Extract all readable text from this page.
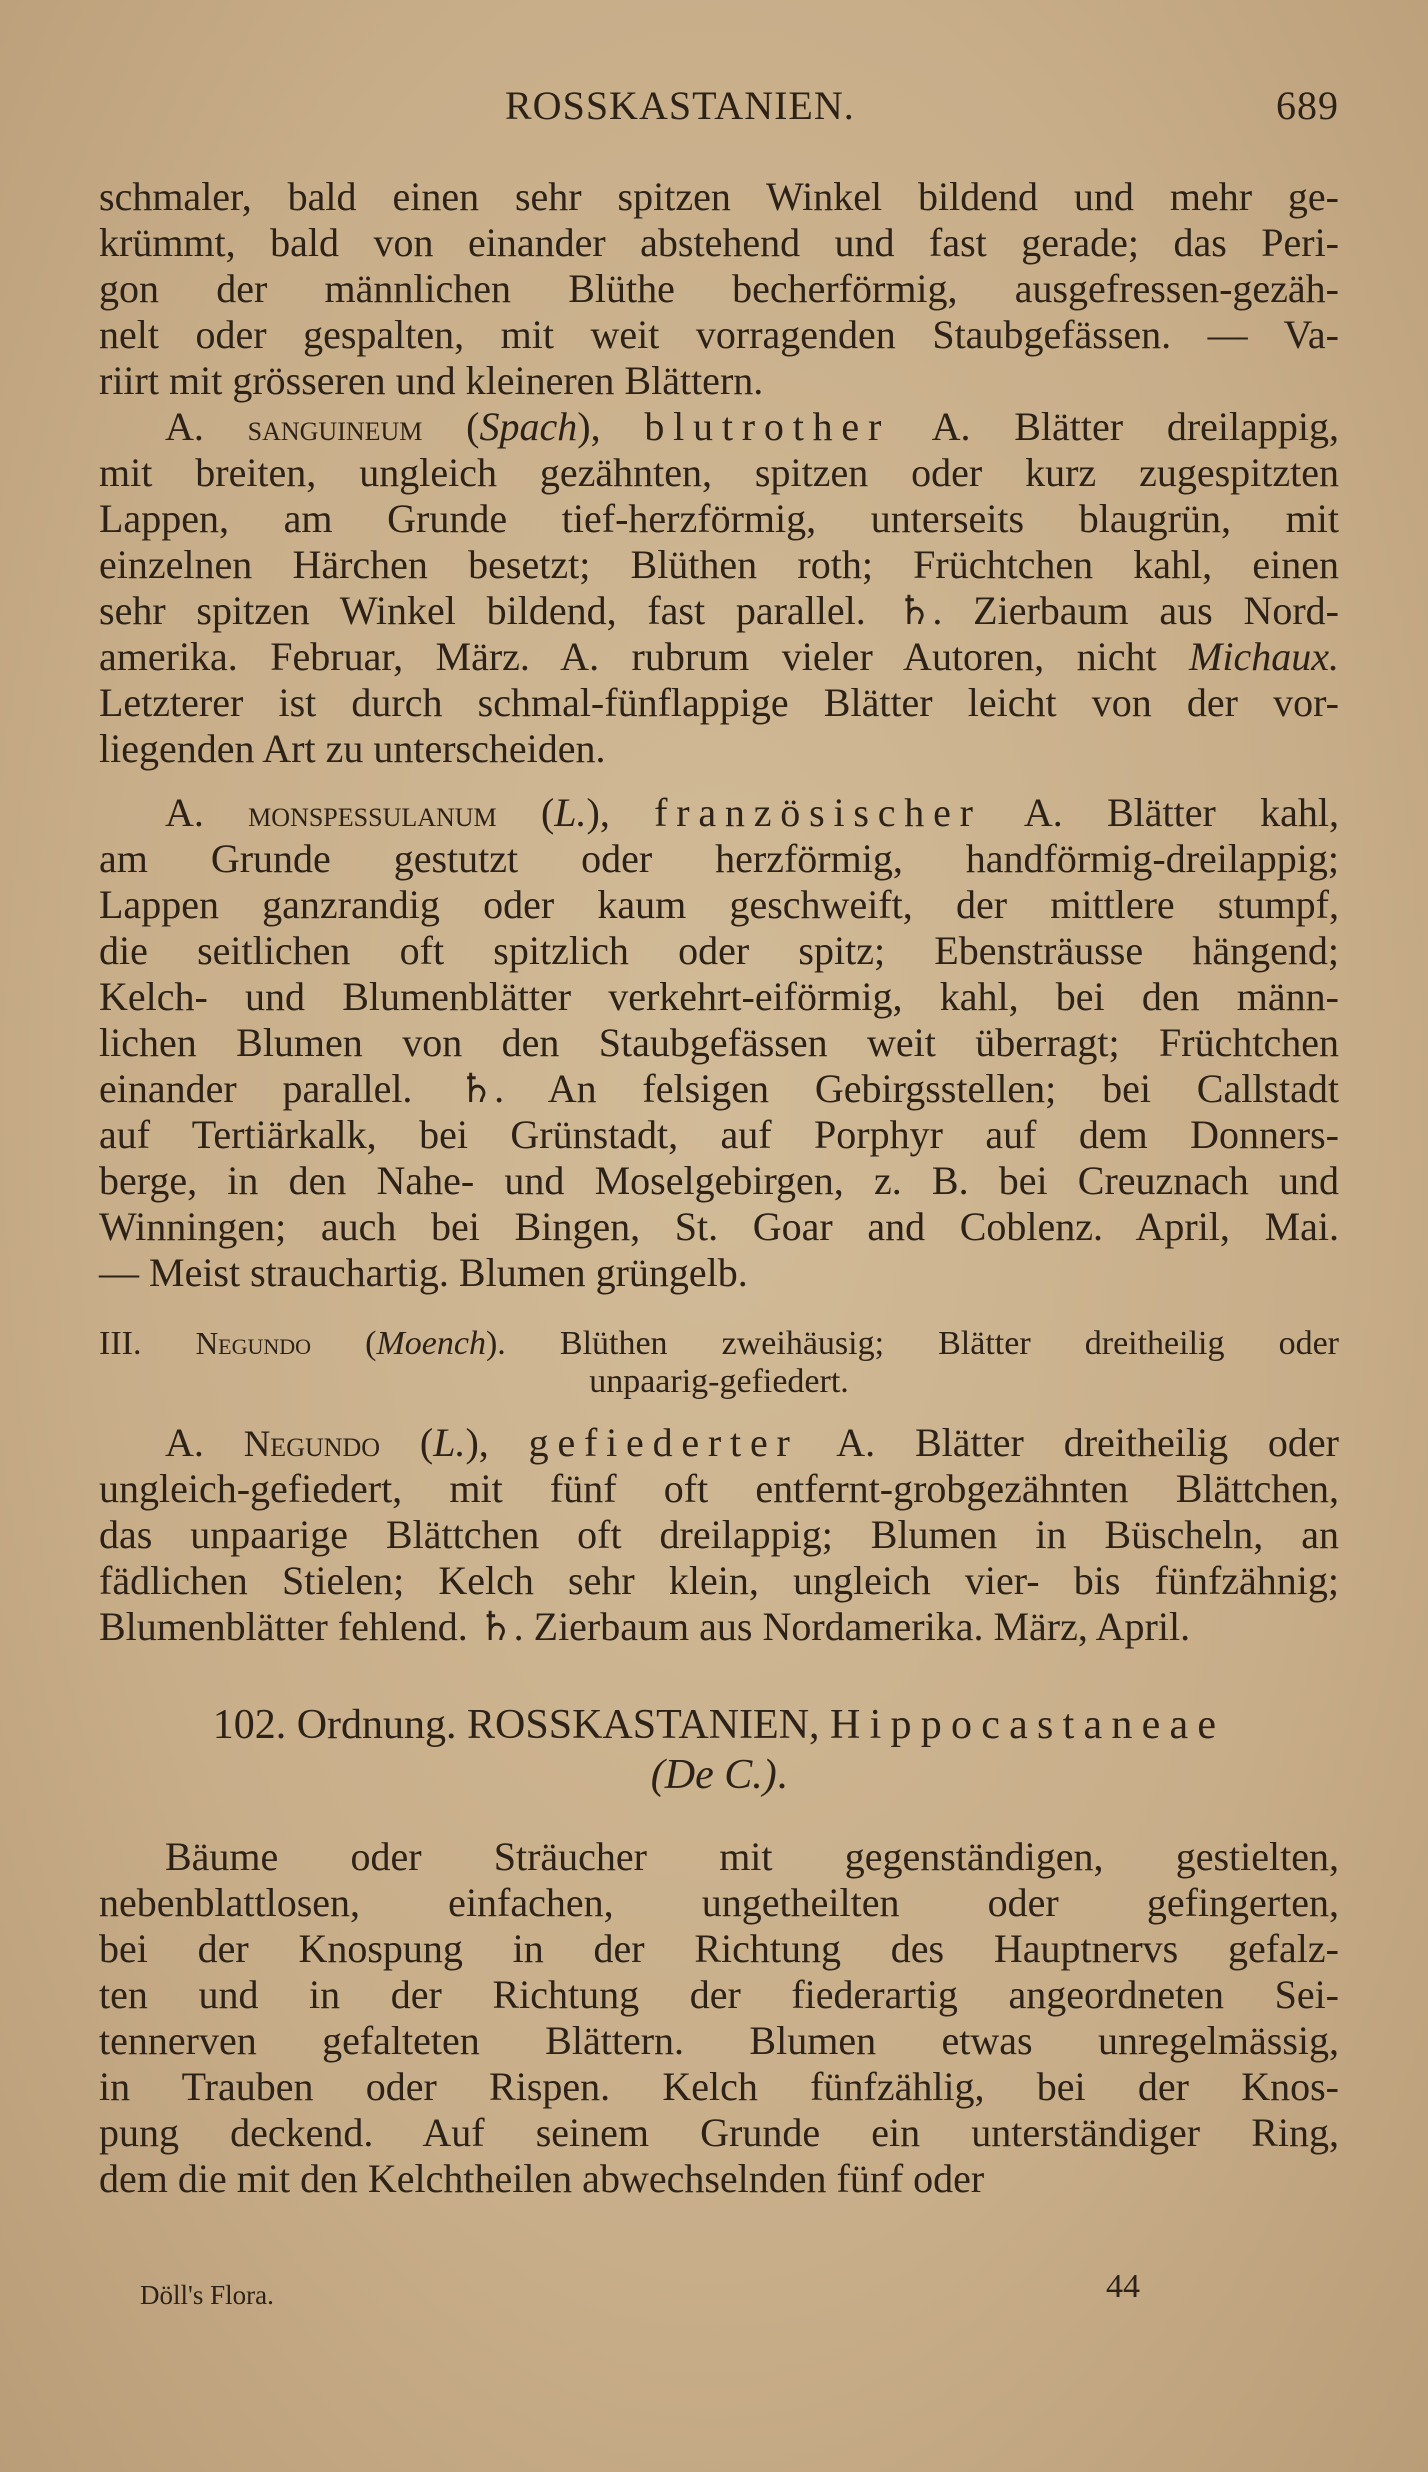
ROSSKASTANIEN.	689
schmaler, bald einen sehr spitzen Winkel bildend und mehr ge-
krümmt, bald von einander abstehend und fast gerade; das Peri-
gon der männlichen Blüthe becherförmig, ausgefressen-gezäh-
nelt oder gespalten, mit weit vorragenden Staubgefässen. — Va-
riirt mit grösseren und kleineren Blättern.
A. sanguineum (Spach), blutrother A. Blätter dreilappig,
mit breiten, ungleich gezähnten, spitzen oder kurz zugespitzten
Lappen, am Grunde tief-herzförmig, unterseits blaugrün, mit
einzelnen Härchen besetzt; Blüthen roth; Früchtchen kahl, einen
sehr spitzen Winkel bildend, fast parallel. ♄. Zierbaum aus Nord-
amerika. Februar, März. A. rubrum vieler Autoren, nicht Michaux.
Letzterer ist durch schmal-fünflappige Blätter leicht von der vor-
liegenden Art zu unterscheiden.
A. monspessulanum (L.), französischer A. Blätter kahl,
am Grunde gestutzt oder herzförmig, handförmig-dreilappig;
Lappen ganzrandig oder kaum geschweift, der mittlere stumpf,
die seitlichen oft spitzlich oder spitz; Ebensträusse hängend;
Kelch- und Blumenblätter verkehrt-eiförmig, kahl, bei den männ-
lichen Blumen von den Staubgefässen weit überragt; Früchtchen
einander parallel. ♄. An felsigen Gebirgsstellen; bei Callstadt
auf Tertiärkalk, bei Grünstadt, auf Porphyr auf dem Donners-
berge, in den Nahe- und Moselgebirgen, z. B. bei Creuznach und
Winningen; auch bei Bingen, St. Goar and Coblenz. April, Mai.
— Meist strauchartig. Blumen grüngelb.
III. Negundo (Moench). Blüthen zweihäusig; Blätter dreitheilig oder
unpaarig-gefiedert.
A. Negundo (L.), gefiederter A. Blätter dreitheilig oder
ungleich-gefiedert, mit fünf oft entfernt-grobgezähnten Blättchen,
das unpaarige Blättchen oft dreilappig; Blumen in Büscheln, an
fädlichen Stielen; Kelch sehr klein, ungleich vier- bis fünfzähnig;
Blumenblätter fehlend. ♄. Zierbaum aus Nordamerika. März, April.
102. Ordnung. ROSSKASTANIEN, Hippocastaneae
(De C.).
Bäume oder Sträucher mit gegenständigen, gestielten,
nebenblattlosen, einfachen, ungetheilten oder gefingerten,
bei der Knospung in der Richtung des Hauptnervs gefalz-
ten und in der Richtung der fiederartig angeordneten Sei-
tennerven gefalteten Blättern. Blumen etwas unregelmässig,
in Trauben oder Rispen. Kelch fünfzählig, bei der Knos-
pung deckend. Auf seinem Grunde ein unterständiger Ring,
dem die mit den Kelchtheilen abwechselnden fünf oder
Döll's Flora.	44
